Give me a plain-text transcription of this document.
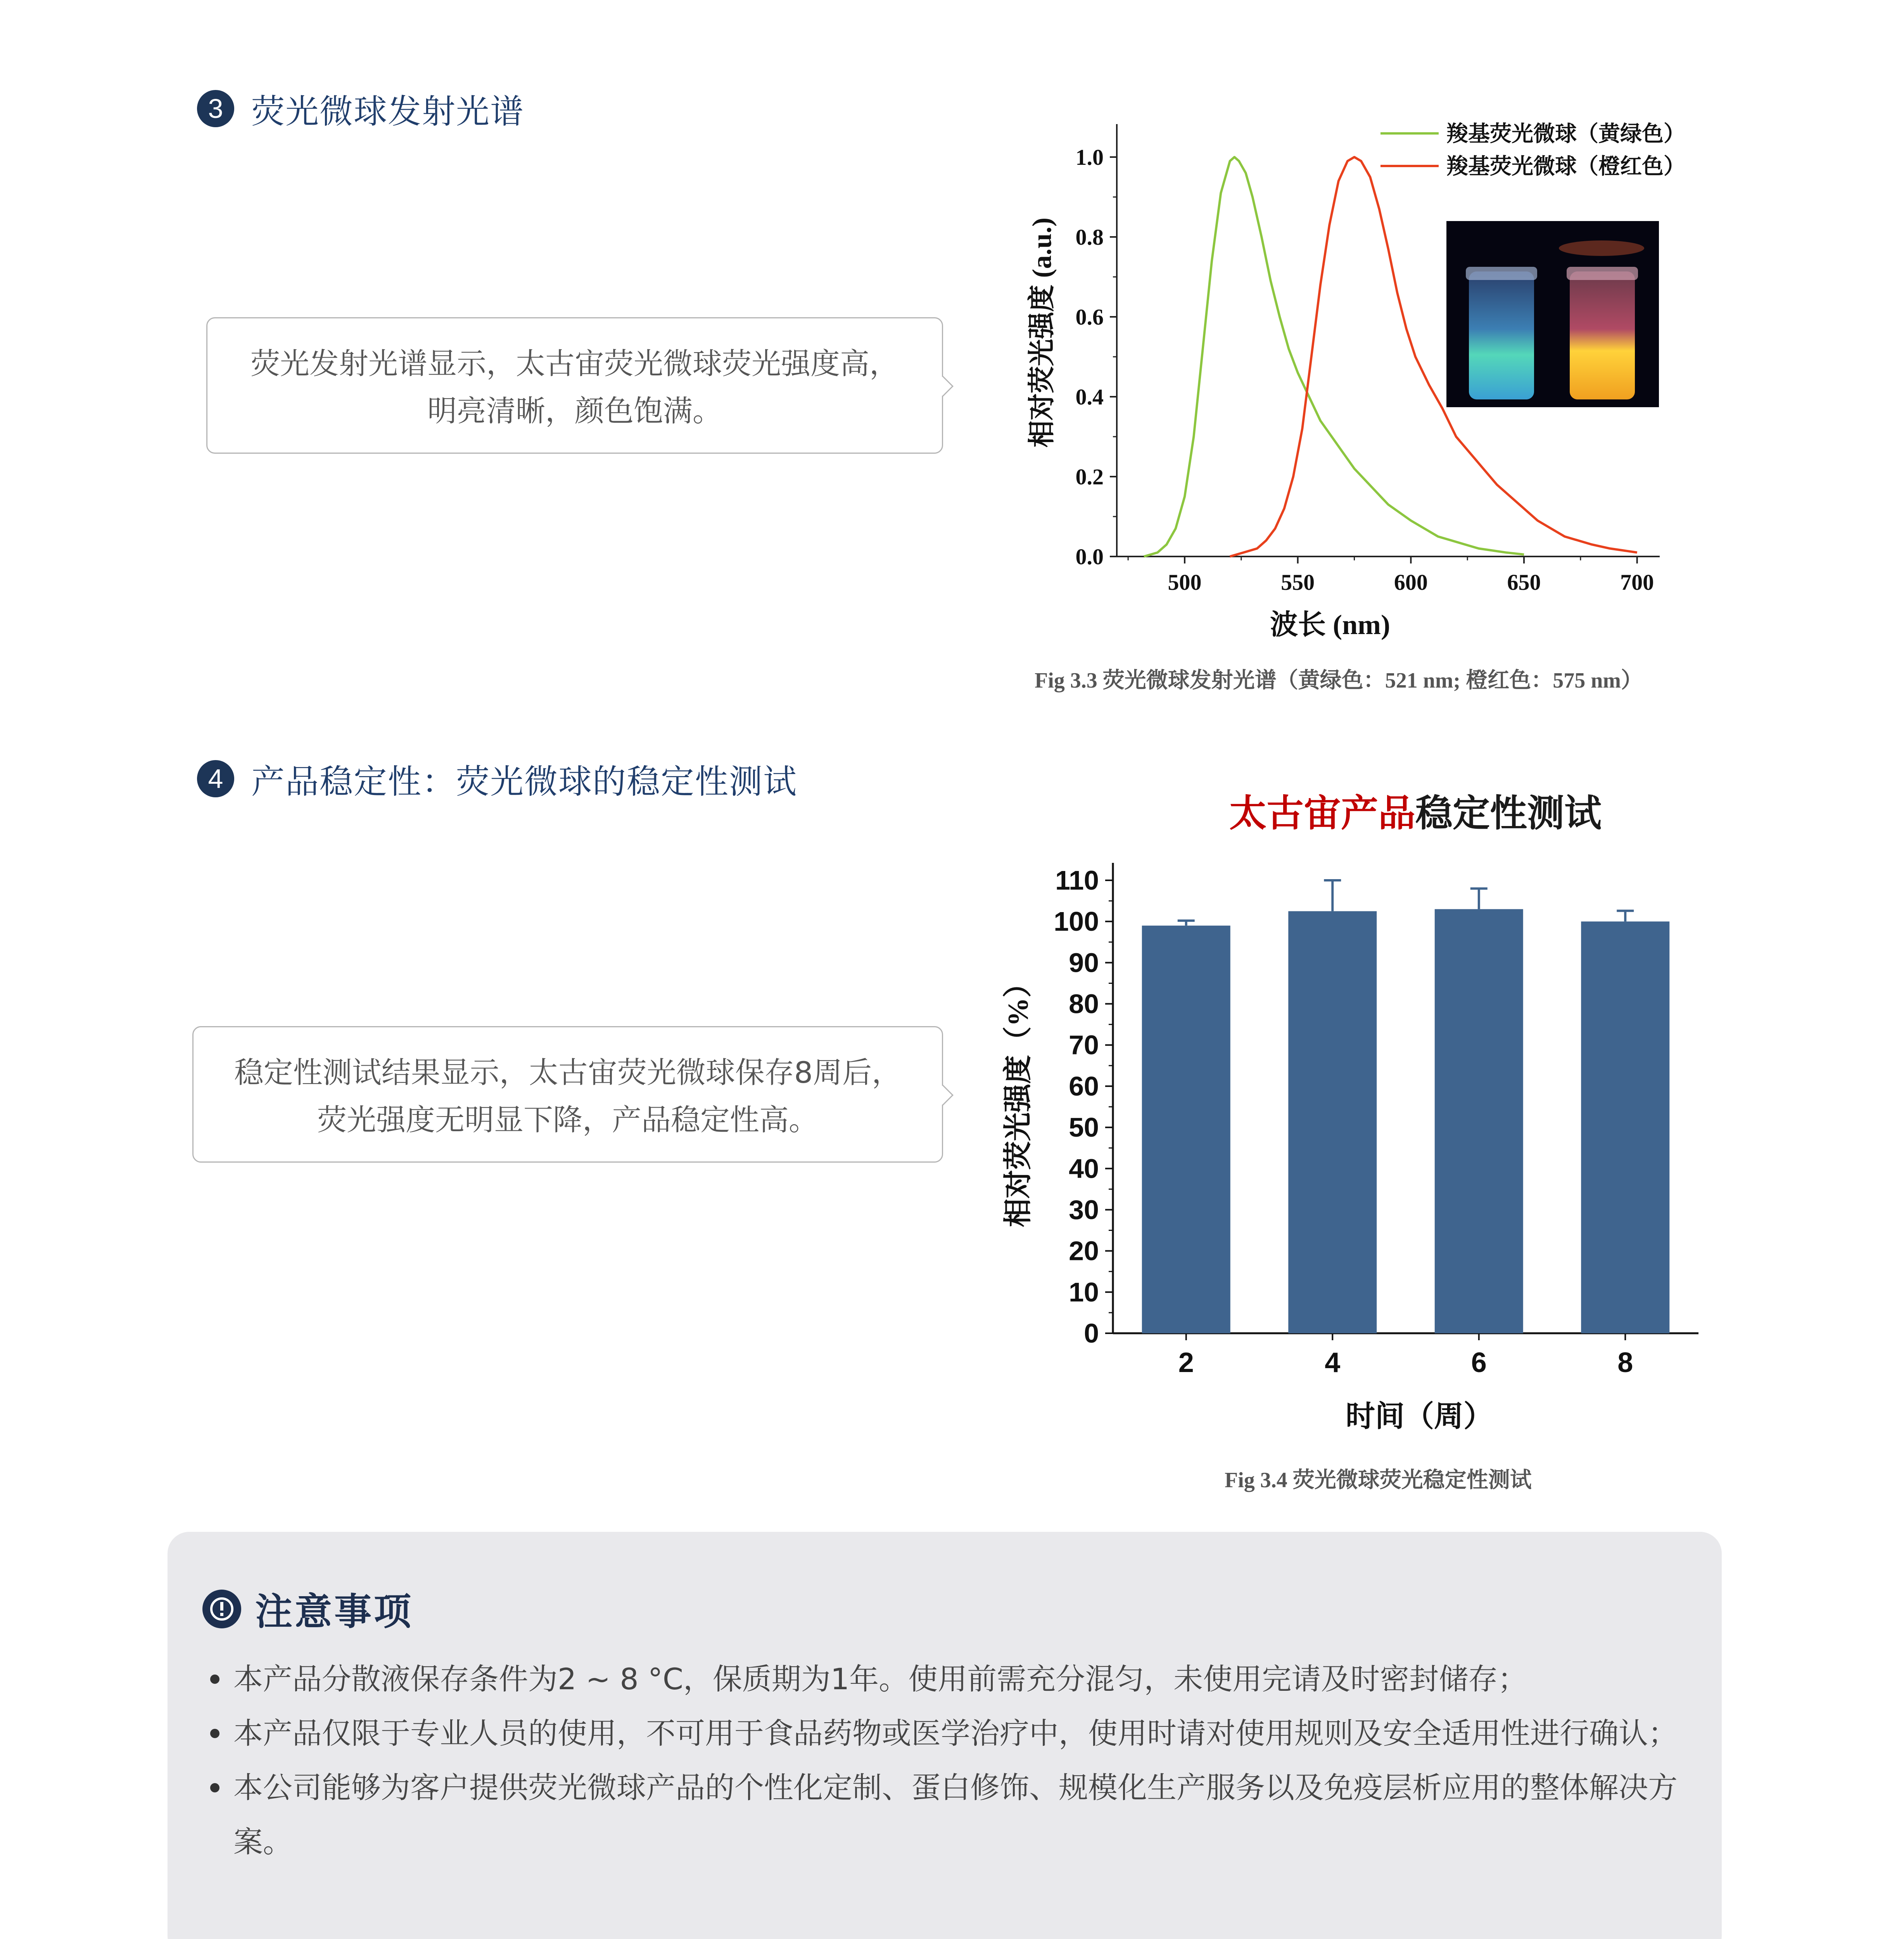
3 荧光微球发射光谱
荧光发射光谱显示，太古宙荧光微球荧光强度高，
明亮清晰，颜色饱满。
0.0
0.2
0.4
0.6
0.8
1.0
500	550	600	650	700
波长 (nm)
相对荧光强度 (a.u.)
羧基荧光微球（黄绿色）
羧基荧光微球（橙红色）
Fig 3.3 荧光微球发射光谱（黄绿色：521 nm; 橙红色：575 nm）
4 产品稳定性：荧光微球的稳定性测试
稳定性测试结果显示，太古宙荧光微球保存8周后，
荧光强度无明显下降，产品稳定性高。
太古宙产品稳定性测试
0
10
20
30
40
50
60
70
80
90
100
110
2	4	6	8
时间（周）
相对荧光强度（%）
Fig 3.4 荧光微球荧光稳定性测试
注意事项
本产品分散液保存条件为2 ~ 8 °C，保质期为1年。使用前需充分混匀，未使用完请及时密封储存；
本产品仅限于专业人员的使用，不可用于食品药物或医学治疗中，使用时请对使用规则及安全适用性进行确认；
本公司能够为客户提供荧光微球产品的个性化定制、蛋白修饰、规模化生产服务以及免疫层析应用的整体解决方案。
